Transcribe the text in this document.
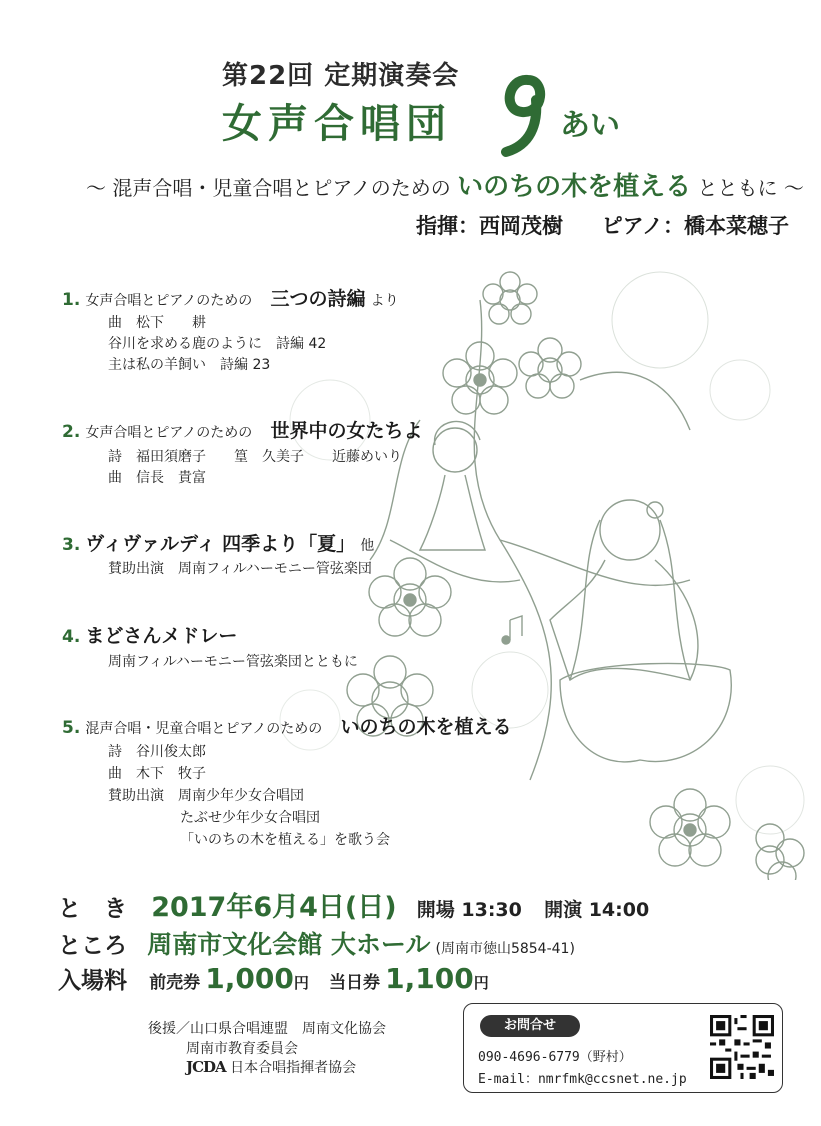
第22回 定期演奏会
女声合唱団	あい
～ 混声合唱・児童合唱とピアノのための いのちの木を植える とともに ～
指揮：西岡茂樹 ピアノ：橋本菜穂子
1. 女声合唱とピアノのための 三つの詩編 より
曲　松下　　耕
谷川を求める鹿のように　詩編 42
主は私の羊飼い　詩編 23
2. 女声合唱とピアノのための 世界中の女たちよ
詩　福田須磨子　　篁　久美子　　近藤めいり
曲　信長　貴富
3. ヴィヴァルディ 四季より「夏」 他
賛助出演　周南フィルハーモニー管弦楽団
4. まどさんメドレー
周南フィルハーモニー管弦楽団とともに
5. 混声合唱・児童合唱とピアノのための いのちの木を植える
詩　谷川俊太郎
曲　木下　牧子
賛助出演　周南少年少女合唱団
たぶせ少年少女合唱団
「いのちの木を植える」を歌う会
と　き 2017年6月4日(日) 開場 13:30 開演 14:00
ところ 周南市文化会館 大ホール (周南市徳山5854-41)
入場料 前売券 1,000円 当日券 1,100円
後援／山口県合唱連盟　周南文化協会
周南市教育委員会
JCDA 日本合唱指揮者協会
お問合せ
090-4696-6779（野村）
E-mail：nmrfmk@ccsnet.ne.jp
